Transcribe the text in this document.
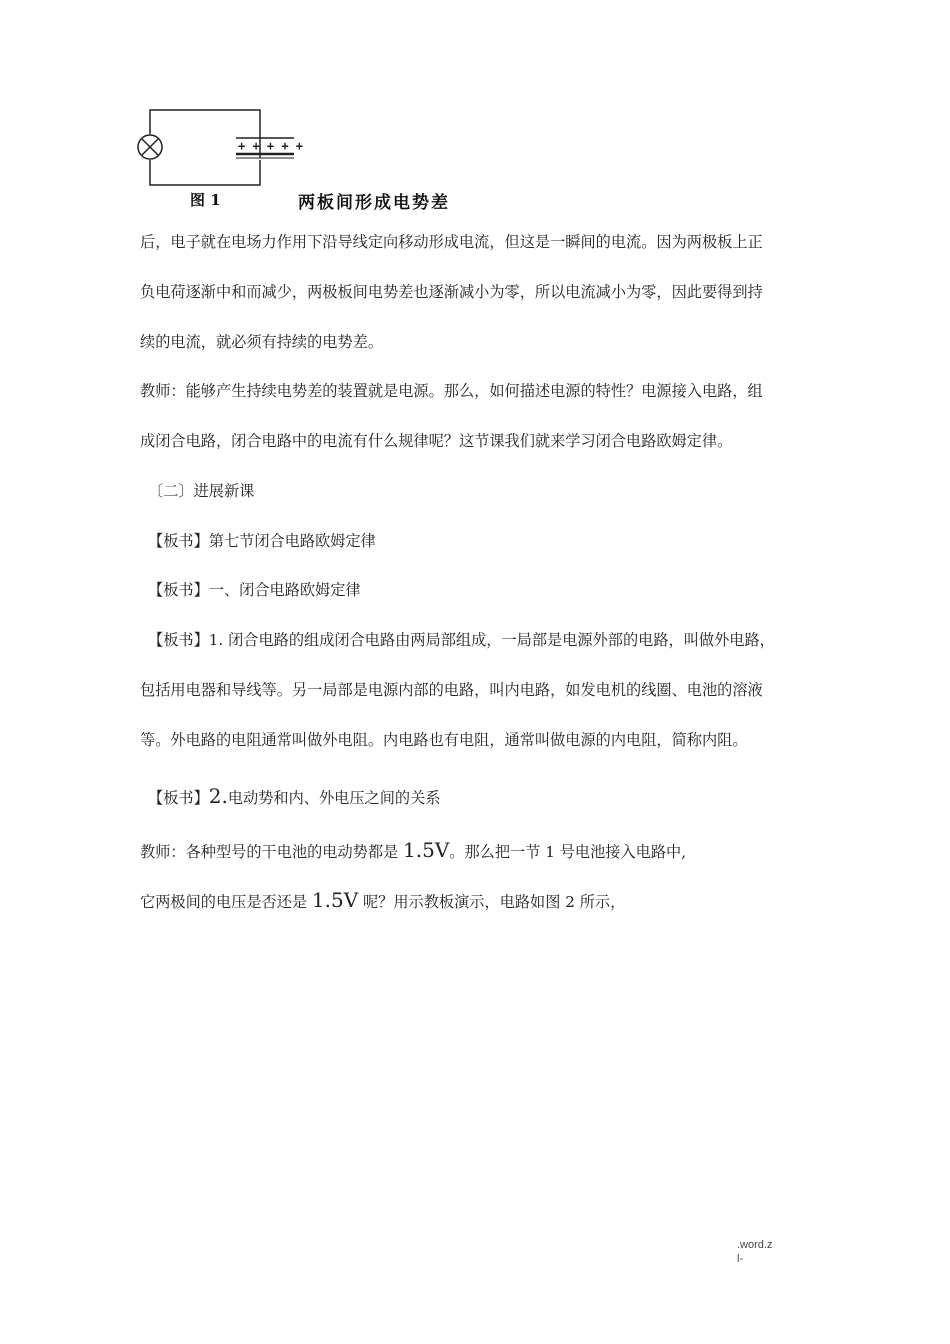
+ + + + +
图 1	两板间形成电势差

后，电子就在电场力作用下沿导线定向移动形成电流，但这是一瞬间的电流。因为两极板上正

负电荷逐渐中和而减少，两极板间电势差也逐渐减小为零，所以电流减小为零，因此要得到持

续的电流，就必须有持续的电势差。

教师：能够产生持续电势差的装置就是电源。那么，如何描述电源的特性？电源接入电路，组

成闭合电路，闭合电路中的电流有什么规律呢？这节课我们就来学习闭合电路欧姆定律。

〔二〕进展新课

【板书】第七节闭合电路欧姆定律

【板书】一、闭合电路欧姆定律

【板书】1. 闭合电路的组成闭合电路由两局部组成，一局部是电源外部的电路，叫做外电路，

包括用电器和导线等。另一局部是电源内部的电路，叫内电路，如发电机的线圈、电池的溶液

等。外电路的电阻通常叫做外电阻。内电路也有电阻，通常叫做电源的内电阻，简称内阻。

【板书】2.电动势和内、外电压之间的关系

教师：各种型号的干电池的电动势都是 1.5V。那么把一节 1 号电池接入电路中,

它两极间的电压是否还是 1.5V 呢？用示教板演示，电路如图 2 所示，

.word.z
l-
